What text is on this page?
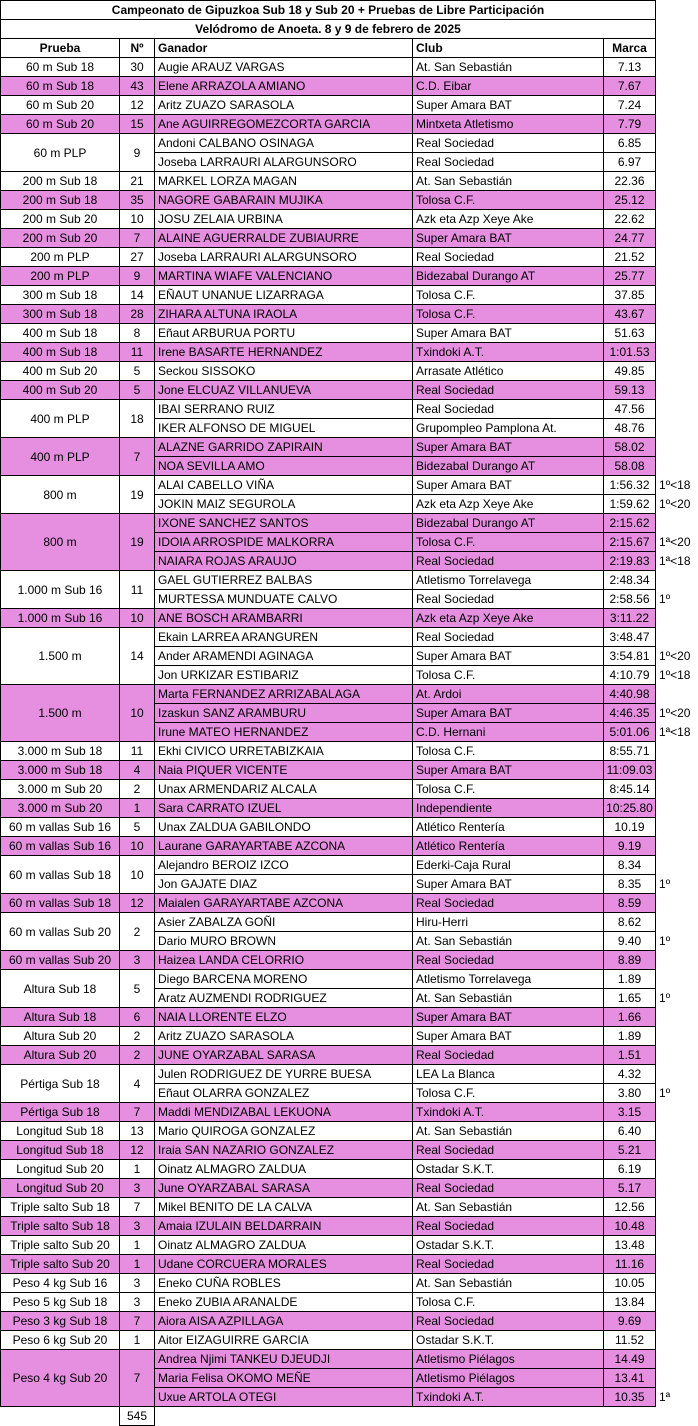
Campeonato de Gipuzkoa Sub 18 y Sub 20 + Pruebas de Libre Participación					
Velódromo de Anoeta. 8 y 9 de febrero de 2025					
Prueba	Nº	Ganador	Club	Marca	
60 m Sub 18	30	Augie ARAUZ VARGAS	At. San Sebastián	7.13	
60 m Sub 18	43	Elene ARRAZOLA AMIANO	C.D. Eibar	7.67	
60 m Sub 20	12	Aritz ZUAZO SARASOLA	Super Amara BAT	7.24	
60 m Sub 20	15	Ane AGUIRREGOMEZCORTA GARCIA	Mintxeta Atletismo	7.79	
60 m PLP	9	Andoni CALBANO OSINAGA	Real Sociedad	6.85	
		Joseba LARRAURI ALARGUNSORO	Real Sociedad	6.97	
200 m Sub 18	21	MARKEL LORZA MAGAN	At. San Sebastián	22.36	
200 m Sub 18	35	NAGORE GABARAIN MUJIKA	Tolosa C.F.	25.12	
200 m Sub 20	10	JOSU ZELAIA URBINA	Azk eta Azp Xeye Ake	22.62	
200 m Sub 20	7	ALAINE AGUERRALDE ZUBIAURRE	Super Amara BAT	24.77	
200 m PLP	27	Joseba LARRAURI ALARGUNSORO	Real Sociedad	21.52	
200 m PLP	9	MARTINA WIAFE VALENCIANO	Bidezabal Durango AT	25.77	
300 m Sub 18	14	EÑAUT UNANUE LIZARRAGA	Tolosa C.F.	37.85	
300 m Sub 18	28	ZIHARA ALTUNA IRAOLA	Tolosa C.F.	43.67	
400 m Sub 18	8	Eñaut ARBURUA PORTU	Super Amara BAT	51.63	
400 m Sub 18	11	Irene BASARTE HERNANDEZ	Txindoki A.T.	1:01.53	
400 m Sub 20	5	Seckou SISSOKO	Arrasate Atlético	49.85	
400 m Sub 20	5	Jone ELCUAZ VILLANUEVA	Real Sociedad	59.13	
400 m PLP	18	IBAI SERRANO RUIZ	Real Sociedad	47.56	
		IKER ALFONSO DE MIGUEL	Grupompleo Pamplona At.	48.76	
400 m PLP	7	ALAZNE GARRIDO ZAPIRAIN	Super Amara BAT	58.02	
		NOA SEVILLA AMO	Bidezabal Durango AT	58.08	
800 m	19	ALAI CABELLO VIÑA	Super Amara BAT	1:56.32	1º<18
		JOKIN MAIZ SEGUROLA	Azk eta Azp Xeye Ake	1:59.62	1º<20
800 m	19	IXONE SANCHEZ SANTOS	Bidezabal Durango AT	2:15.62	
		IDOIA ARROSPIDE MALKORRA	Tolosa C.F.	2:15.67	1ª<20
		NAIARA ROJAS ARAUJO	Real Sociedad	2:19.83	1ª<18
1.000 m Sub 16	11	GAEL GUTIERREZ BALBAS	Atletismo Torrelavega	2:48.34	
		MURTESSA MUNDUATE CALVO	Real Sociedad	2:58.56	1º
1.000 m Sub 16	10	ANE BOSCH ARAMBARRI	Azk eta Azp Xeye Ake	3:11.22	
1.500 m	14	Ekain LARREA ARANGUREN	Real Sociedad	3:48.47	
		Ander ARAMENDI AGINAGA	Super Amara BAT	3:54.81	1º<20
		Jon URKIZAR ESTIBARIZ	Tolosa C.F.	4:10.79	1º<18
1.500 m	10	Marta FERNANDEZ ARRIZABALAGA	At. Ardoi	4:40.98	
		Izaskun SANZ ARAMBURU	Super Amara BAT	4:46.35	1º<20
		Irune MATEO HERNANDEZ	C.D. Hernani	5:01.06	1ª<18
3.000 m Sub 18	11	Ekhi CIVICO URRETABIZKAIA	Tolosa C.F.	8:55.71	
3.000 m Sub 18	4	Naia PIQUER VICENTE	Super Amara BAT	11:09.03	
3.000 m Sub 20	2	Unax ARMENDARIZ ALCALA	Tolosa C.F.	8:45.14	
3.000 m Sub 20	1	Sara CARRATO IZUEL	Independiente	10:25.80	
60 m vallas Sub 16	5	Unax ZALDUA GABILONDO	Atlético Rentería	10.19	
60 m vallas Sub 16	10	Laurane GARAYARTABE AZCONA	Atlético Rentería	9.19	
60 m vallas Sub 18	10	Alejandro BEROIZ IZCO	Ederki-Caja Rural	8.34	
		Jon GAJATE DIAZ	Super Amara BAT	8.35	1º
60 m vallas Sub 18	12	Maialen GARAYARTABE AZCONA	Real Sociedad	8.59	
60 m vallas Sub 20	2	Asier ZABALZA GOÑI	Hiru-Herri	8.62	
		Dario MURO BROWN	At. San Sebastián	9.40	1º
60 m vallas Sub 20	3	Haizea LANDA CELORRIO	Real Sociedad	8.89	
Altura Sub 18	5	Diego BARCENA MORENO	Atletismo Torrelavega	1.89	
		Aratz AUZMENDI RODRIGUEZ	At. San Sebastián	1.65	1º
Altura Sub 18	6	NAIA LLORENTE ELZO	Super Amara BAT	1.66	
Altura Sub 20	2	Aritz ZUAZO SARASOLA	Super Amara BAT	1.89	
Altura Sub 20	2	JUNE OYARZABAL SARASA	Real Sociedad	1.51	
Pértiga Sub 18	4	Julen RODRIGUEZ DE YURRE BUESA	LEA La Blanca	4.32	
		Eñaut OLARRA GONZALEZ	Tolosa C.F.	3.80	1º
Pértiga Sub 18	7	Maddi MENDIZABAL LEKUONA	Txindoki A.T.	3.15	
Longitud Sub 18	13	Mario QUIROGA GONZALEZ	At. San Sebastián	6.40	
Longitud Sub 18	12	Iraia SAN NAZARIO GONZALEZ	Real Sociedad	5.21	
Longitud Sub 20	1	Oinatz ALMAGRO ZALDUA	Ostadar S.K.T.	6.19	
Longitud Sub 20	3	June OYARZABAL SARASA	Real Sociedad	5.17	
Triple salto Sub 18	7	Mikel BENITO DE LA CALVA	At. San Sebastián	12.56	
Triple salto Sub 18	3	Amaia IZULAIN BELDARRAIN	Real Sociedad	10.48	
Triple salto Sub 20	1	Oinatz ALMAGRO ZALDUA	Ostadar S.K.T.	13.48	
Triple salto Sub 20	1	Udane CORCUERA MORALES	Real Sociedad	11.16	
Peso 4 kg Sub 16	3	Eneko CUÑA ROBLES	At. San Sebastián	10.05	
Peso 5 kg Sub 18	3	Eneko ZUBIA ARANALDE	Tolosa C.F.	13.84	
Peso 3 kg Sub 18	7	Aiora AISA AZPILLAGA	Real Sociedad	9.69	
Peso 6 kg Sub 20	1	Aitor EIZAGUIRRE GARCIA	Ostadar S.K.T.	11.52	
Peso 4 kg Sub 20	7	Andrea Njimi TANKEU DJEUDJI	Atletismo Piélagos	14.49	
		Maria Felisa OKOMO MEÑE	Atletismo Piélagos	13.41	
		Uxue ARTOLA OTEGI	Txindoki A.T.	10.35	1ª
	545				
